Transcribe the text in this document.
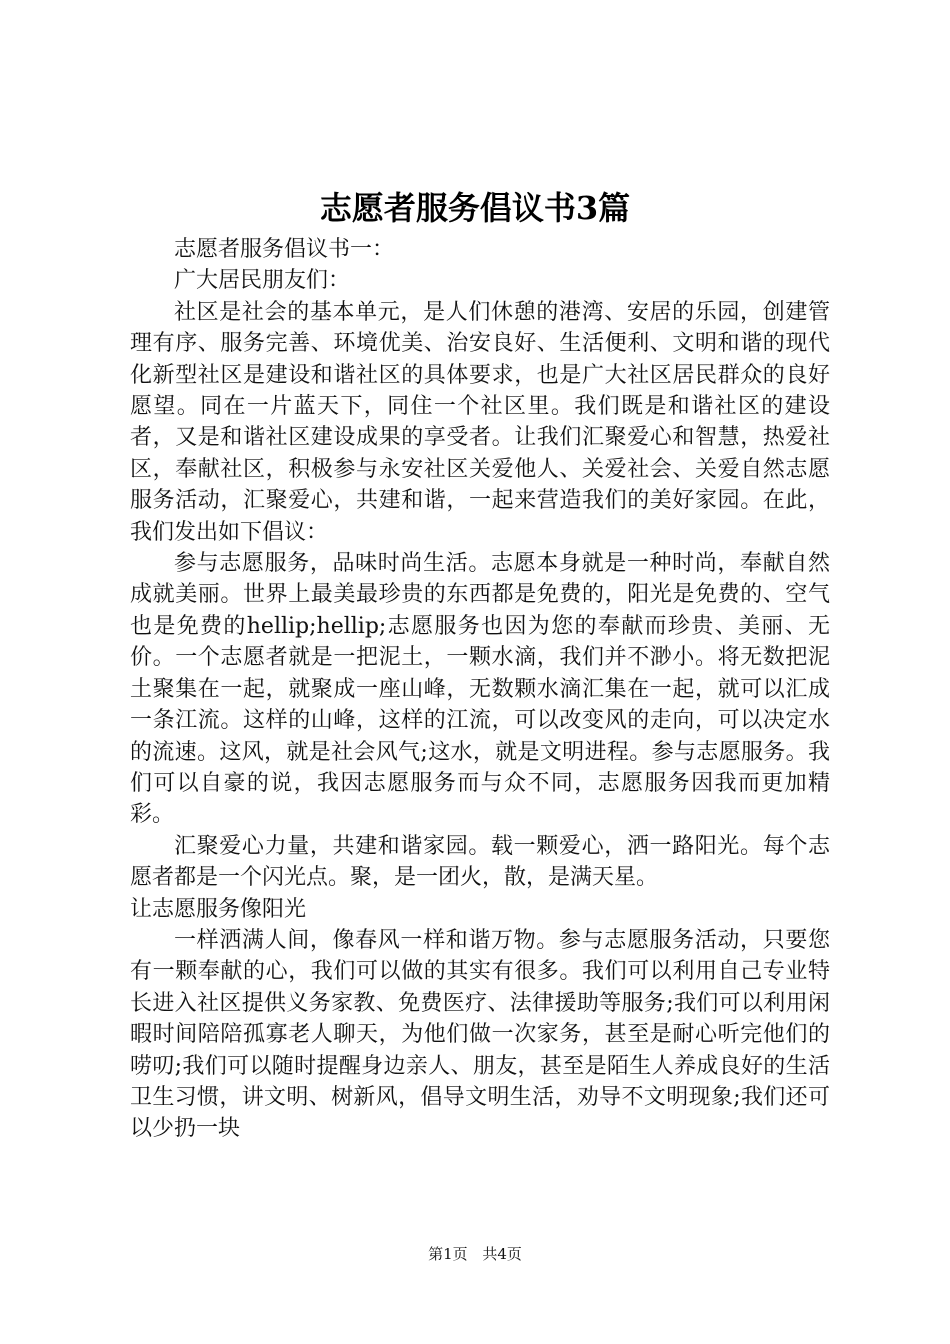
志愿者服务倡议书3篇

志愿者服务倡议书一：

广大居民朋友们：

社区是社会的基本单元，是人们休憩的港湾、安居的乐园，创建管理有序、服务完善、环境优美、治安良好、生活便利、文明和谐的现代化新型社区是建设和谐社区的具体要求，也是广大社区居民群众的良好愿望。同在一片蓝天下，同住一个社区里。我们既是和谐社区的建设者，又是和谐社区建设成果的享受者。让我们汇聚爱心和智慧，热爱社区，奉献社区，积极参与永安社区关爱他人、关爱社会、关爱自然志愿服务活动，汇聚爱心，共建和谐，一起来营造我们的美好家园。在此，我们发出如下倡议：

参与志愿服务，品味时尚生活。志愿本身就是一种时尚，奉献自然成就美丽。世界上最美最珍贵的东西都是免费的，阳光是免费的、空气也是免费的hellip;hellip;志愿服务也因为您的奉献而珍贵、美丽、无价。一个志愿者就是一把泥土，一颗水滴，我们并不渺小。将无数把泥土聚集在一起，就聚成一座山峰，无数颗水滴汇集在一起，就可以汇成一条江流。这样的山峰，这样的江流，可以改变风的走向，可以决定水的流速。这风，就是社会风气;这水，就是文明进程。参与志愿服务。我们可以自豪的说，我因志愿服务而与众不同，志愿服务因我而更加精彩。

汇聚爱心力量，共建和谐家园。载一颗爱心，洒一路阳光。每个志愿者都是一个闪光点。聚，是一团火，散，是满天星。

让志愿服务像阳光

一样洒满人间，像春风一样和谐万物。参与志愿服务活动，只要您有一颗奉献的心，我们可以做的其实有很多。我们可以利用自己专业特长进入社区提供义务家教、免费医疗、法律援助等服务;我们可以利用闲暇时间陪陪孤寡老人聊天，为他们做一次家务，甚至是耐心听完他们的唠叨;我们可以随时提醒身边亲人、朋友，甚至是陌生人养成良好的生活卫生习惯，讲文明、树新风，倡导文明生活，劝导不文明现象;我们还可以少扔一块

第1页 共4页
